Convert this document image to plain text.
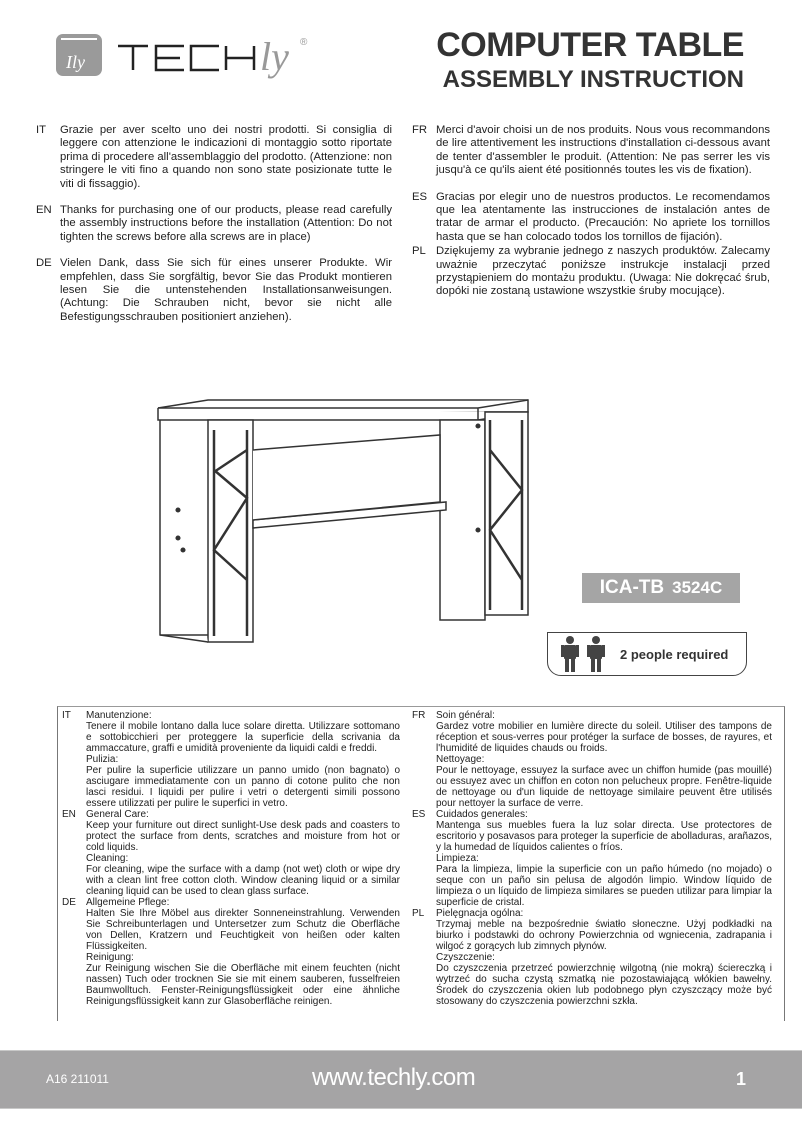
Ily	ly ®	COMPUTER TABLE
ASSEMBLY INSTRUCTION
IT	Grazie per aver scelto uno dei nostri prodotti. Si consiglia di leggere con attenzione le indicazioni di montaggio sotto riportate prima di procedere all'assemblaggio del prodotto. (Attenzione: non stringere le viti fino a quando non sono state posizionate tutte le viti di fissaggio).
EN Thanks for purchasing one of our products, please read carefully the assembly instructions before the installation (Attention: Do not tighten the screws before alla screws are in place)
DE Vielen Dank, dass Sie sich für eines unserer Produkte. Wir empfehlen, dass Sie sorgfältig, bevor Sie das Produkt montieren lesen Sie die untenstehenden Installationsanweisungen. (Achtung: Die Schrauben nicht, bevor sie nicht alle Befestigungsschrauben positioniert anziehen).
FR Merci d'avoir choisi un de nos produits. Nous vous recommandons de lire attentivement les instructions d'installation ci-dessous avant de tenter d'assembler le produit. (Attention: Ne pas serrer les vis jusqu'à ce qu'ils aient été positionnés toutes les vis de fixation).
ES Gracias por elegir uno de nuestros productos. Le recomendamos que lea atentamente las instrucciones de instalación antes de tratar de armar el producto. (Precaución: No apriete los tornillos hasta que se han colocado todos los tornillos de fijación).
PL Dziękujemy za wybranie jednego z naszych produktów. Zalecamy uważnie przeczytać poniższe instrukcje instalacji przed przystąpieniem do montażu produktu. (Uwaga: Nie dokręcać śrub, dopóki nie zostaną ustawione wszystkie śruby mocujące).
ICA-TB 3524C
2 people required
IT	Manutenzione:
Tenere il mobile lontano dalla luce solare diretta. Utilizzare sottomano e sottobicchieri per proteggere la superficie della scrivania da ammaccature, graffi e umidità proveniente da liquidi caldi e freddi.
Pulizia:
Per pulire la superficie utilizzare un panno umido (non bagnato) o asciugare immediatamente con un panno di cotone pulito che non lasci residui. I liquidi per pulire i vetri o detergenti simili possono essere utilizzati per pulire le superfici in vetro.
EN	General Care:
Keep your furniture out direct sunlight-Use desk pads and coasters to protect the surface from dents, scratches and moisture from hot or cold liquids.
Cleaning:
For cleaning, wipe the surface with a damp (not wet) cloth or wipe dry with a clean lint free cotton cloth. Window cleaning liquid or a similar cleaning liquid can be used to clean glass surface.
DE	Allgemeine Pflege:
Halten Sie Ihre Möbel aus direkter Sonneneinstrahlung. Verwenden Sie Schreibunterlagen und Untersetzer zum Schutz die Oberfläche von Dellen, Kratzern und Feuchtigkeit von heißen oder kalten Flüssigkeiten.
Reinigung:
Zur Reinigung wischen Sie die Oberfläche mit einem feuchten (nicht nassen) Tuch oder trocknen Sie sie mit einem sauberen, fusselfreien Baumwolltuch. Fenster-Reinigungsflüssigkeit oder eine ähnliche Reinigungsflüssigkeit kann zur Glasoberfläche reinigen.
FR	Soin général:
Gardez votre mobilier en lumière directe du soleil. Utiliser des tampons de réception et sous-verres pour protéger la surface de bosses, de rayures, et l'humidité de liquides chauds ou froids.
Nettoyage:
Pour le nettoyage, essuyez la surface avec un chiffon humide (pas mouillé) ou essuyez avec un chiffon en coton non pelucheux propre. Fenêtre-liquide de nettoyage ou d'un liquide de nettoyage similaire peuvent être utilisés pour nettoyer la surface de verre.
ES	Cuidados generales:
Mantenga sus muebles fuera la luz solar directa. Use protectores de escritorio y posavasos para proteger la superficie de abolladuras, arañazos, y la humedad de líquidos calientes o fríos.
Limpieza:
Para la limpieza, limpie la superficie con un paño húmedo (no mojado) o seque con un paño sin pelusa de algodón limpio. Window líquido de limpieza o un líquido de limpieza similares se pueden utilizar para limpiar la superficie de cristal.
PL	Pielęgnacja ogólna:
Trzymaj meble na bezpośrednie światło słoneczne. Użyj podkładki na biurko i podstawki do ochrony Powierzchnia od wgniecenia, zadrapania i wilgoć z gorących lub zimnych płynów.
Czyszczenie:
Do czyszczenia przetrzeć powierzchnię wilgotną (nie mokrą) ściereczką i wytrzeć do sucha czystą szmatką nie pozostawiającą włókien bawełny. Środek do czyszczenia okien lub podobnego płyn czyszczący może być stosowany do czyszczenia powierzchni szkła.
A16 211011	www.techly.com	1
